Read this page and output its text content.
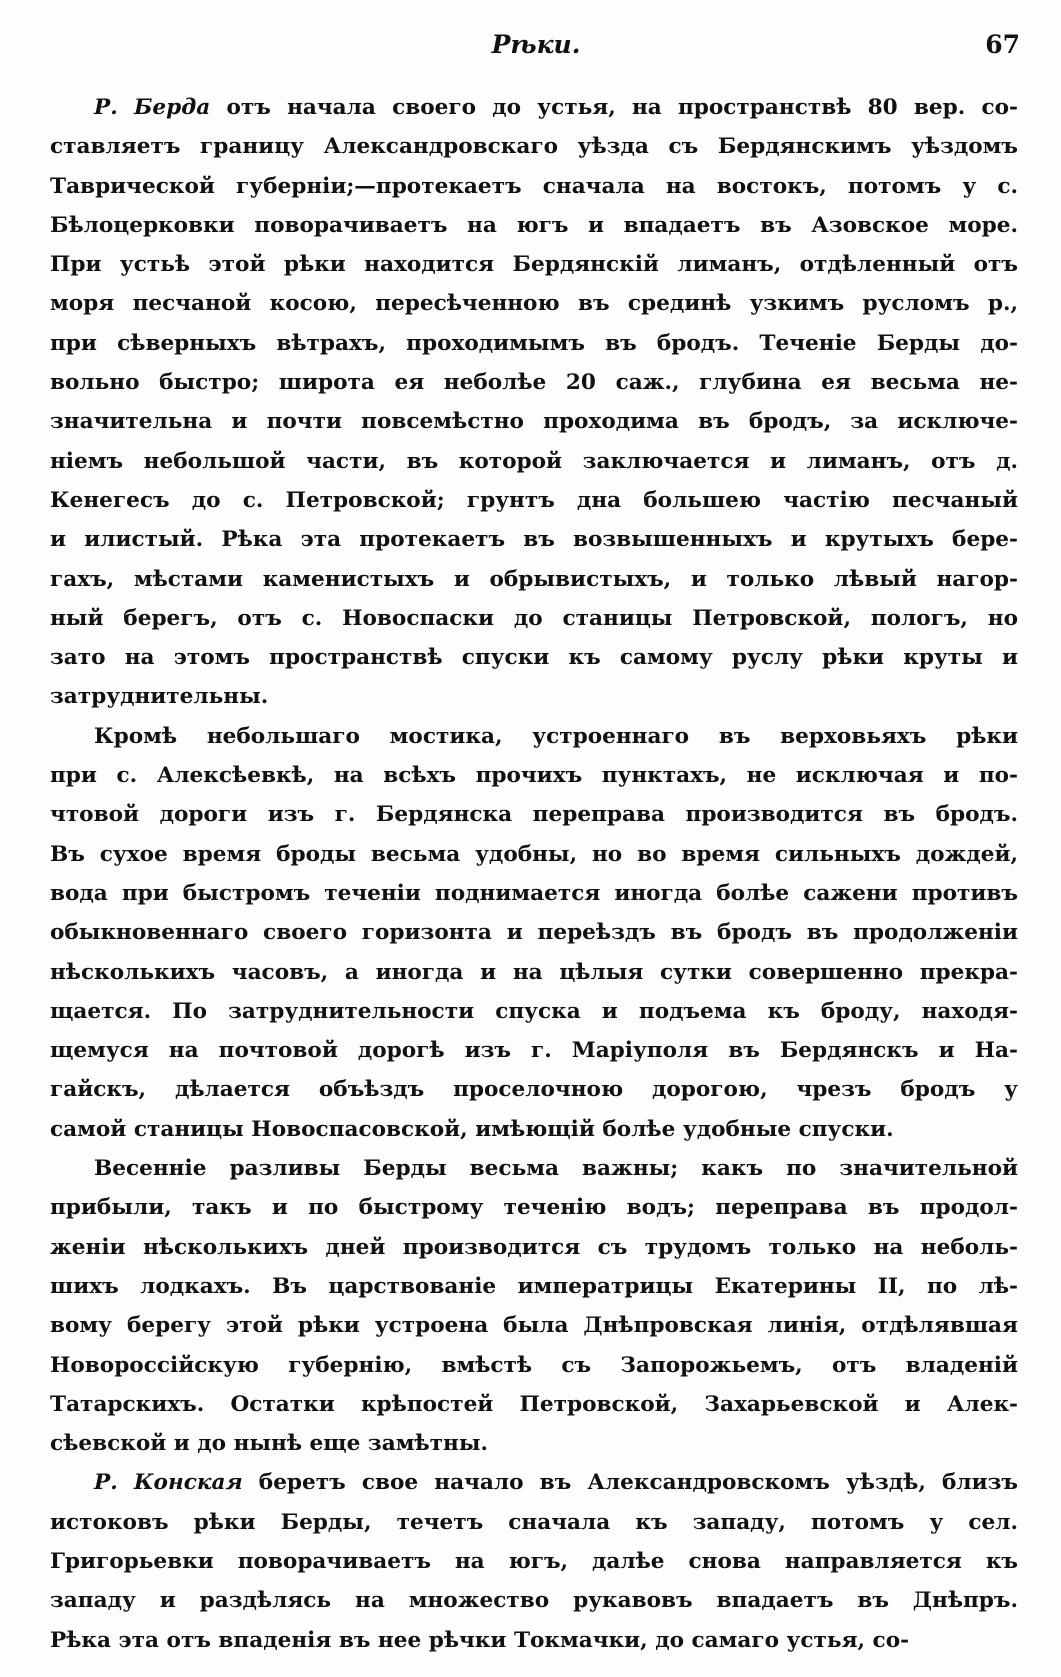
Рѣки.	67
Р. Берда отъ начала своего до устья, на пространствѣ 80 вер. со-
ставляетъ границу Александровскаго уѣзда съ Бердянскимъ уѣздомъ
Таврической губерніи;—протекаетъ сначала на востокъ, потомъ у с.
Бѣлоцерковки поворачиваетъ на югъ и впадаетъ въ Азовское море.
При устьѣ этой рѣки находится Бердянскій лиманъ, отдѣленный отъ
моря песчаной косою, пересѣченною въ срединѣ узкимъ русломъ р.,
при сѣверныхъ вѣтрахъ, проходимымъ въ бродъ. Теченіе Берды до-
вольно быстро; широта ея неболѣе 20 саж., глубина ея весьма не-
значительна и почти повсемѣстно проходима въ бродъ, за исключе-
ніемъ небольшой части, въ которой заключается и лиманъ, отъ д.
Кенегесъ до с. Петровской; грунтъ дна большею частію песчаный
и илистый. Рѣка эта протекаетъ въ возвышенныхъ и крутыхъ бере-
гахъ, мѣстами каменистыхъ и обрывистыхъ, и только лѣвый нагор-
ный берегъ, отъ с. Новоспаски до станицы Петровской, пологъ, но
зато на этомъ пространствѣ спуски къ самому руслу рѣки круты и
затруднительны.
Кромѣ небольшаго мостика, устроеннаго въ верховьяхъ рѣки
при с. Алексѣевкѣ, на всѣхъ прочихъ пунктахъ, не исключая и по-
чтовой дороги изъ г. Бердянска переправа производится въ бродъ.
Въ сухое время броды весьма удобны, но во время сильныхъ дождей,
вода при быстромъ теченіи поднимается иногда болѣе сажени противъ
обыкновеннаго своего горизонта и переѣздъ въ бродъ въ продолженіи
нѣсколькихъ часовъ, а иногда и на цѣлыя сутки совершенно прекра-
щается. По затруднительности спуска и подъема къ броду, находя-
щемуся на почтовой дорогѣ изъ г. Маріуполя въ Бердянскъ и На-
гайскъ, дѣлается объѣздъ проселочною дорогою, чрезъ бродъ у
самой станицы Новоспасовской, имѣющій болѣе удобные спуски.
Весенніе разливы Берды весьма важны; какъ по значительной
прибыли, такъ и по быстрому теченію водъ; переправа въ продол-
женіи нѣсколькихъ дней производится съ трудомъ только на неболь-
шихъ лодкахъ. Въ царствованіе императрицы Екатерины II, по лѣ-
вому берегу этой рѣки устроена была Днѣпровская линія, отдѣлявшая
Новороссійскую губернію, вмѣстѣ съ Запорожьемъ, отъ владеній
Татарскихъ. Остатки крѣпостей Петровской, Захарьевской и Алек-
сѣевской и до нынѣ еще замѣтны.
Р. Конская беретъ свое начало въ Александровскомъ уѣздѣ, близъ
истоковъ рѣки Берды, течетъ сначала къ западу, потомъ у сел.
Григорьевки поворачиваетъ на югъ, далѣе снова направляется къ
западу и раздѣлясь на множество рукавовъ впадаетъ въ Днѣпръ.
Рѣка эта отъ впаденія въ нее рѣчки Токмачки, до самаго устья, со-
